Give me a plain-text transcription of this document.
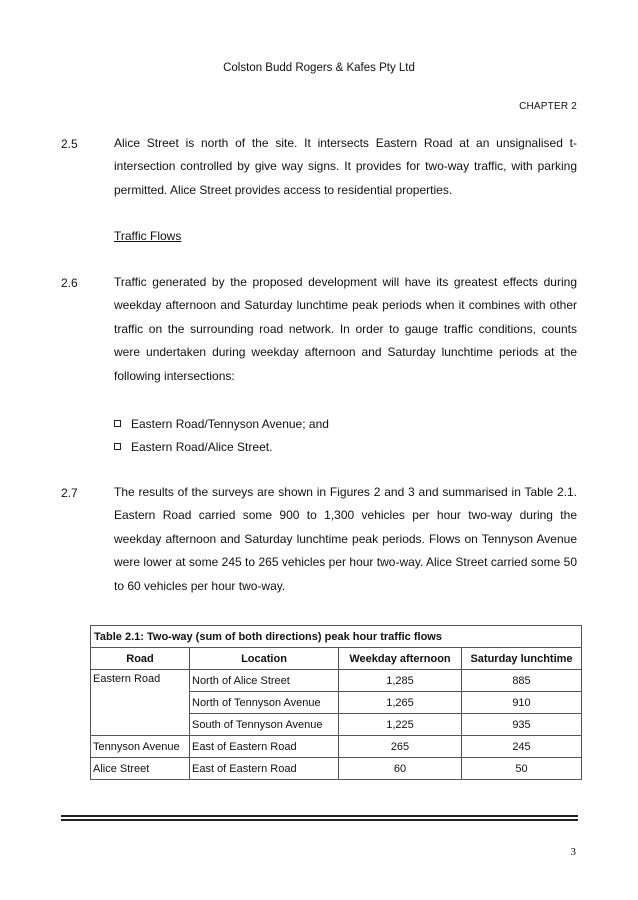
Colston Budd Rogers & Kafes Pty Ltd
CHAPTER 2
2.5	Alice Street is north of the site. It intersects Eastern Road at an unsignalised t-intersection controlled by give way signs. It provides for two-way traffic, with parking permitted. Alice Street provides access to residential properties.
Traffic Flows
2.6	Traffic generated by the proposed development will have its greatest effects during weekday afternoon and Saturday lunchtime peak periods when it combines with other traffic on the surrounding road network. In order to gauge traffic conditions, counts were undertaken during weekday afternoon and Saturday lunchtime periods at the following intersections:
Eastern Road/Tennyson Avenue; and
Eastern Road/Alice Street.
2.7	The results of the surveys are shown in Figures 2 and 3 and summarised in Table 2.1. Eastern Road carried some 900 to 1,300 vehicles per hour two-way during the weekday afternoon and Saturday lunchtime peak periods. Flows on Tennyson Avenue were lower at some 245 to 265 vehicles per hour two-way. Alice Street carried some 50 to 60 vehicles per hour two-way.
Table 2.1: Two-way (sum of both directions) peak hour traffic flows			
Road	Location	Weekday afternoon	Saturday lunchtime
Eastern Road	North of Alice Street	1,285	885
	North of Tennyson Avenue	1,265	910
	South of Tennyson Avenue	1,225	935
Tennyson Avenue	East of Eastern Road	265	245
Alice Street	East of Eastern Road	60	50
3
